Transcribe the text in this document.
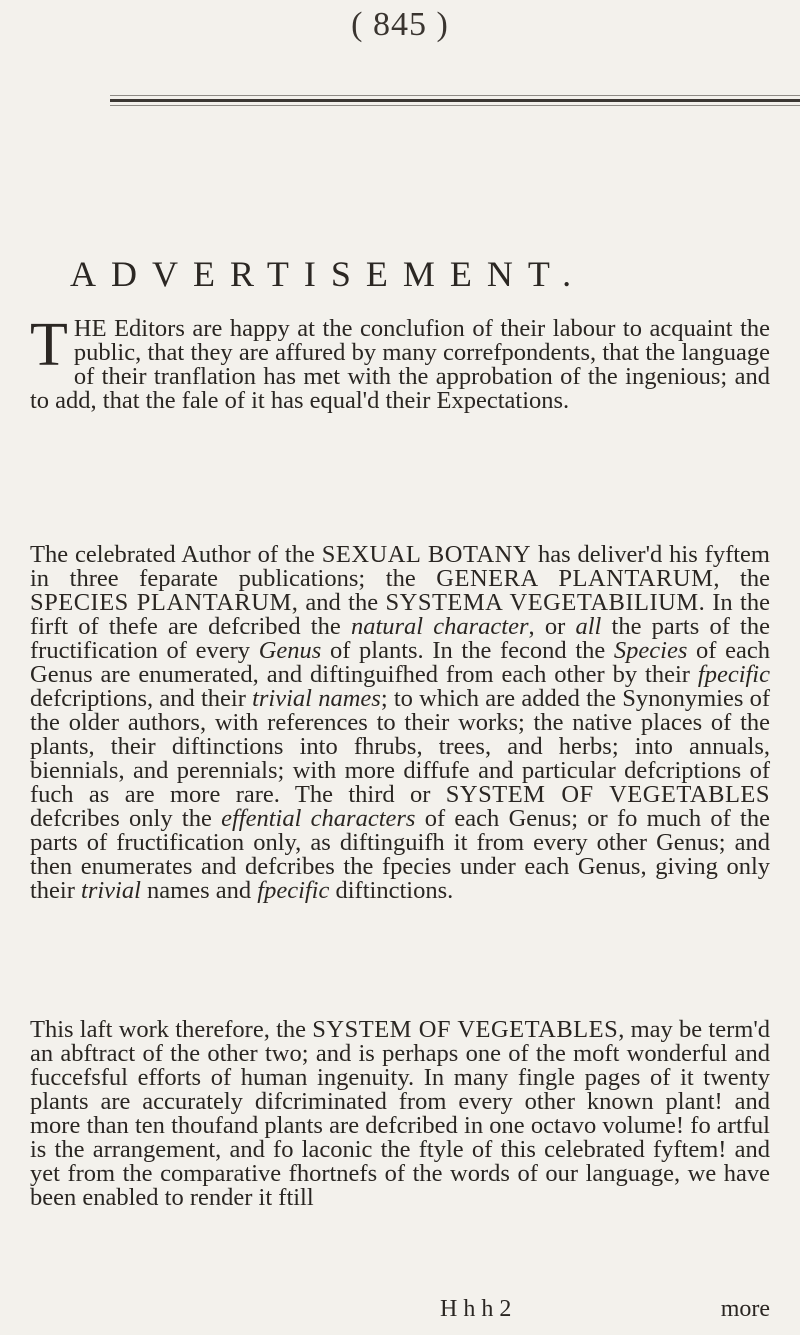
( 845 )
ADVERTISEMENT.
THE Editors are happy at the conclufion of their labour to acquaint the public, that they are affured by many correfpondents, that the language of their tranflation has met with the approbation of the ingenious; and to add, that the fale of it has equal'd their Expectations.
The celebrated Author of the SEXUAL BOTANY has deliver'd his fyftem in three feparate publications; the GENERA PLANTARUM, the SPECIES PLANTARUM, and the SYSTEMA VEGETABILIUM. In the firft of thefe are defcribed the natural character, or all the parts of the fructification of every Genus of plants. In the fecond the Species of each Genus are enumerated, and diftinguifhed from each other by their fpecific defcriptions, and their trivial names; to which are added the Synonymies of the older authors, with references to their works; the native places of the plants, their diftinctions into fhrubs, trees, and herbs; into annuals, biennials, and perennials; with more diffufe and particular defcriptions of fuch as are more rare. The third or SYSTEM OF VEGETABLES defcribes only the effential characters of each Genus; or fo much of the parts of fructification only, as diftinguifh it from every other Genus; and then enumerates and defcribes the fpecies under each Genus, giving only their trivial names and fpecific diftinctions.
This laft work therefore, the SYSTEM OF VEGETABLES, may be term'd an abftract of the other two; and is perhaps one of the moft wonderful and fuccefsful efforts of human ingenuity. In many fingle pages of it twenty plants are accurately difcriminated from every other known plant! and more than ten thoufand plants are defcribed in one octavo volume! fo artful is the arrangement, and fo laconic the ftyle of this celebrated fyftem! and yet from the comparative fhortnefs of the words of our language, we have been enabled to render it ftill
H h h 2	more
